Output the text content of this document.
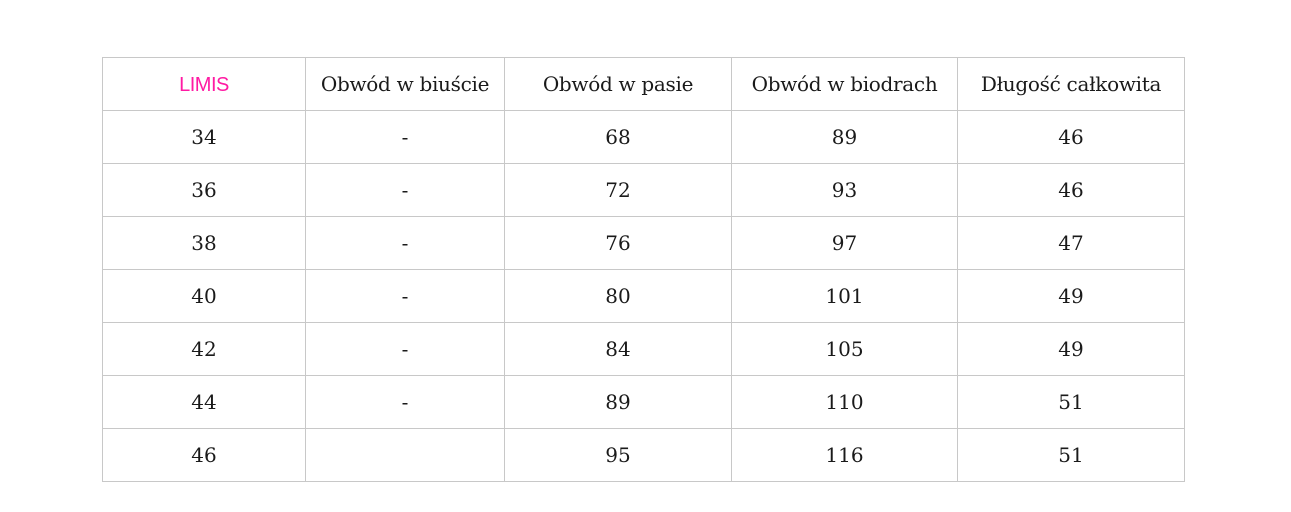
LIMIS	Obwód w biuście	Obwód w pasie	Obwód w biodrach	Długość całkowita
34	-	68	89	46
36	-	72	93	46
38	-	76	97	47
40	-	80	101	49
42	-	84	105	49
44	-	89	110	51
46		95	116	51
